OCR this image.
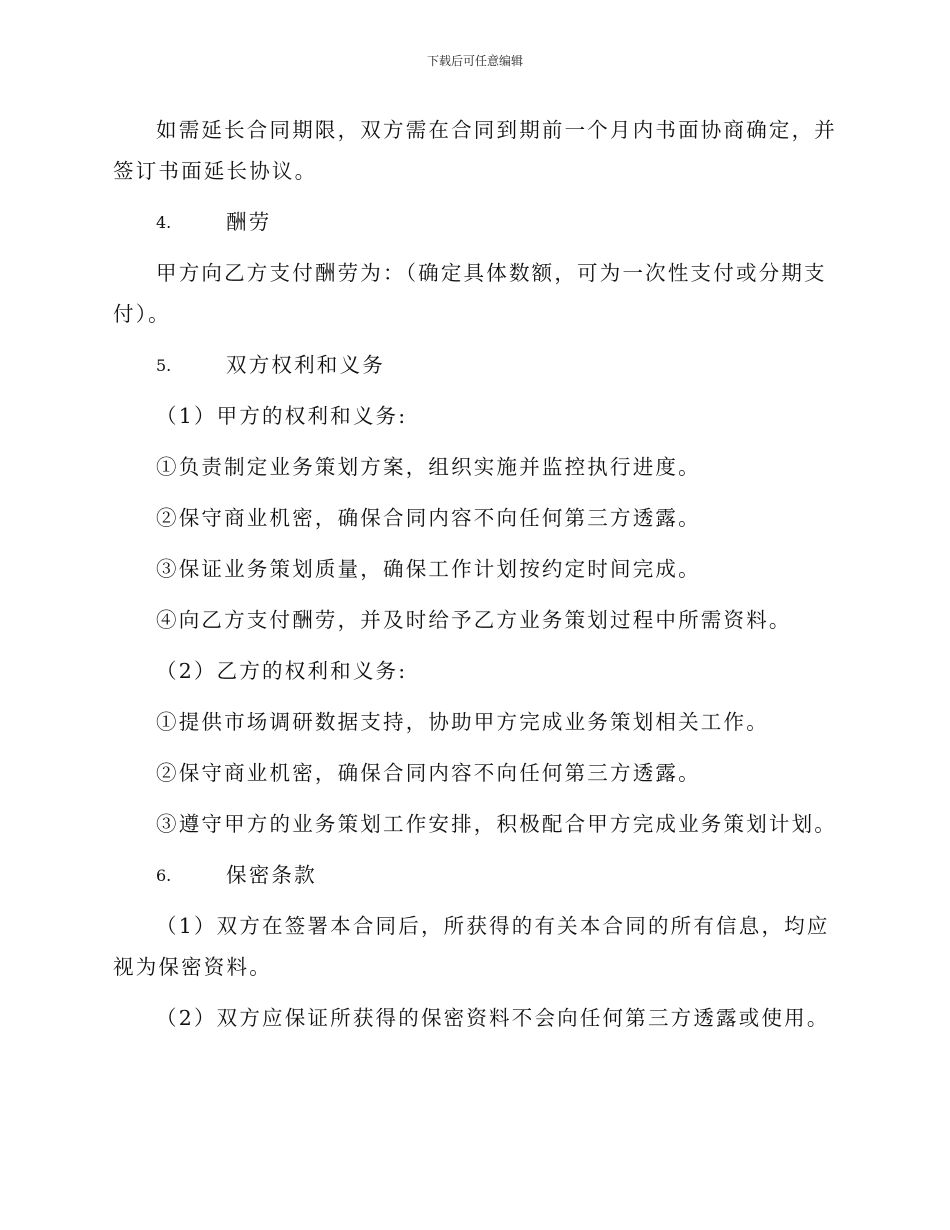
下载后可任意编辑

如需延长合同期限，双方需在合同到期前一个月内书面协商确定，并签订书面延长协议。

4.	酬劳

甲方向乙方支付酬劳为：（确定具体数额，可为一次性支付或分期支付）。

5.	双方权利和义务

（1）甲方的权利和义务:

①负责制定业务策划方案，组织实施并监控执行进度。

②保守商业机密，确保合同内容不向任何第三方透露。

③保证业务策划质量，确保工作计划按约定时间完成。

④向乙方支付酬劳，并及时给予乙方业务策划过程中所需资料。

（2）乙方的权利和义务:

①提供市场调研数据支持，协助甲方完成业务策划相关工作。

②保守商业机密，确保合同内容不向任何第三方透露。

③遵守甲方的业务策划工作安排，积极配合甲方完成业务策划计划。

6.	保密条款

（1）双方在签署本合同后，所获得的有关本合同的所有信息，均应视为保密资料。

（2）双方应保证所获得的保密资料不会向任何第三方透露或使用。
